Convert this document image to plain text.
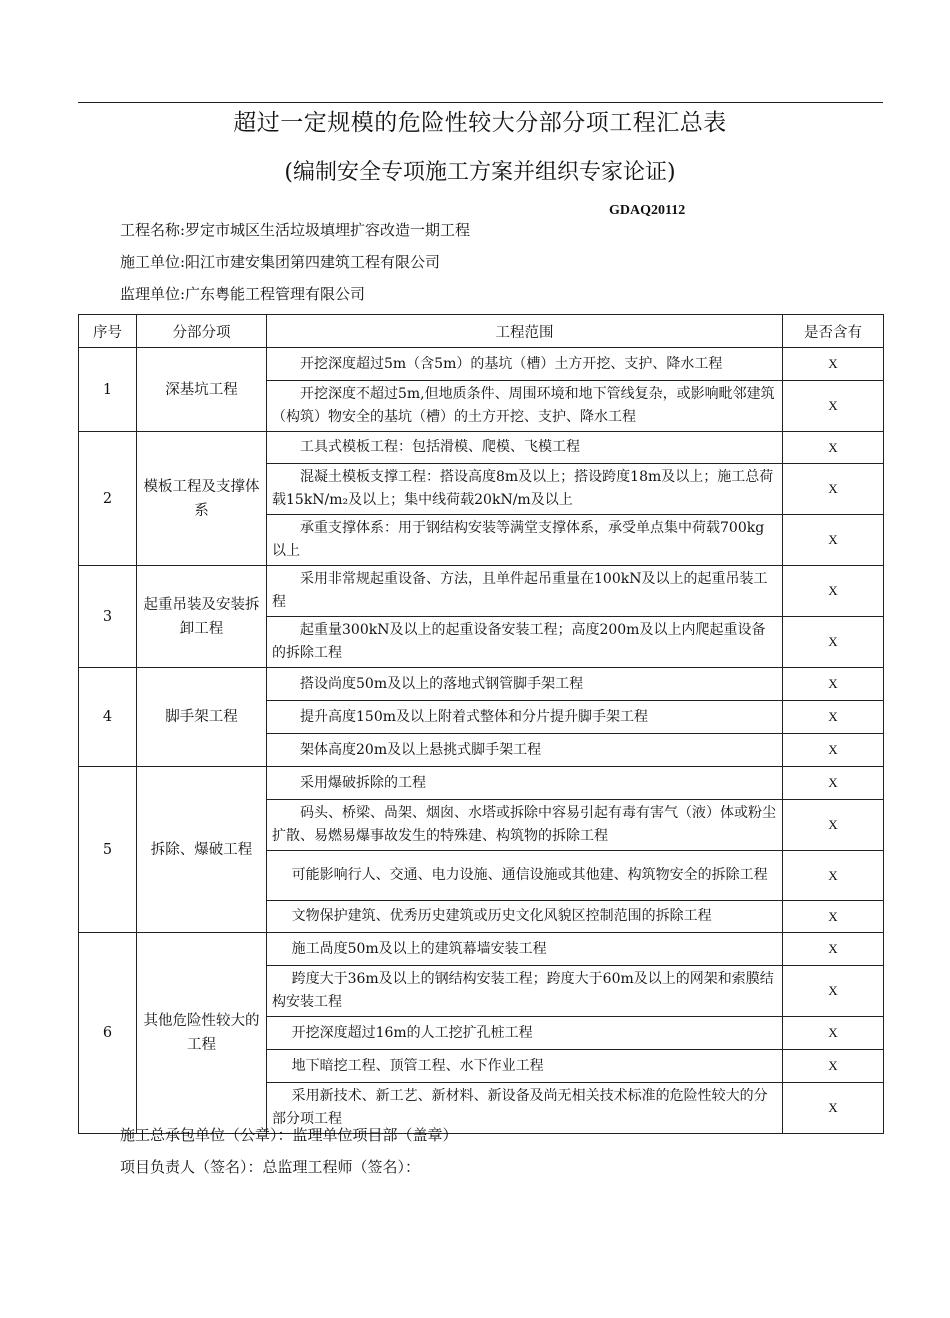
超过一定规模的危险性较大分部分项工程汇总表
(编制安全专项施工方案并组织专家论证)
GDAQ20112
工程名称:罗定市城区生活垃圾填埋扩容改造一期工程
施工单位:阳江市建安集团第四建筑工程有限公司
监理单位:广东粤能工程管理有限公司
序号	分部分项	工程范围	是否含有
1	深基坑工程	开挖深度超过5m（含5m）的基坑（槽）土方开挖、支护、降水工程	X

		开挖深度不超过5m,但地质条件、周围环境和地下管线复杂，或影响毗邻建筑（构筑）物安全的基坑（槽）的土方开挖、支护、降水工程	X
2	模板工程及支撑体系	工具式模板工程：包括滑模、爬模、飞模工程	X

		混凝土模板支撑工程：搭设高度8m及以上；搭设跨度18m及以上；施工总荷载15kN/m₂及以上；集中线荷载20kN/m及以上	X

		承重支撑体系：用于钢结构安装等满堂支撑体系，承受单点集中荷载700kg以上	X
3	起重吊装及安装拆卸工程	采用非常规起重设备、方法，且单件起吊重量在100kN及以上的起重吊装工程	X

		起重量300kN及以上的起重设备安装工程；高度200m及以上内爬起重设备的拆除工程	X
4	脚手架工程	搭设尚度50m及以上的落地式钢管脚手架工程	X

		提升高度150m及以上附着式整体和分片提升脚手架工程	X

		架体高度20m及以上悬挑式脚手架工程	X
5	拆除、爆破工程	采用爆破拆除的工程	X

		码头、桥梁、咼架、烟囱、水塔或拆除中容易引起有毒有害气（液）体或粉尘扩散、易燃易爆事故发生的特殊建、构筑物的拆除工程	X

		可能影响行人、交通、电力设施、通信设施或其他建、构筑物安全的拆除工程	X

		文物保护建筑、优秀历史建筑或历史文化风貌区控制范围的拆除工程	X
6	其他危险性较大的工程	施工咼度50m及以上的建筑幕墙安装工程	X

		跨度大于36m及以上的钢结构安装工程；跨度大于60m及以上的网架和索膜结构安装工程	X

		开挖深度超过16m的人工挖扩孔桩工程	X

		地下暗挖工程、顶管工程、水下作业工程	X

		采用新技术、新工艺、新材料、新设备及尚无相关技术标准的危险性较大的分部分项工程	X
施工总承包单位（公章）：监理单位项目部（盖章）
项目负责人（签名）：总监理工程师（签名）：
